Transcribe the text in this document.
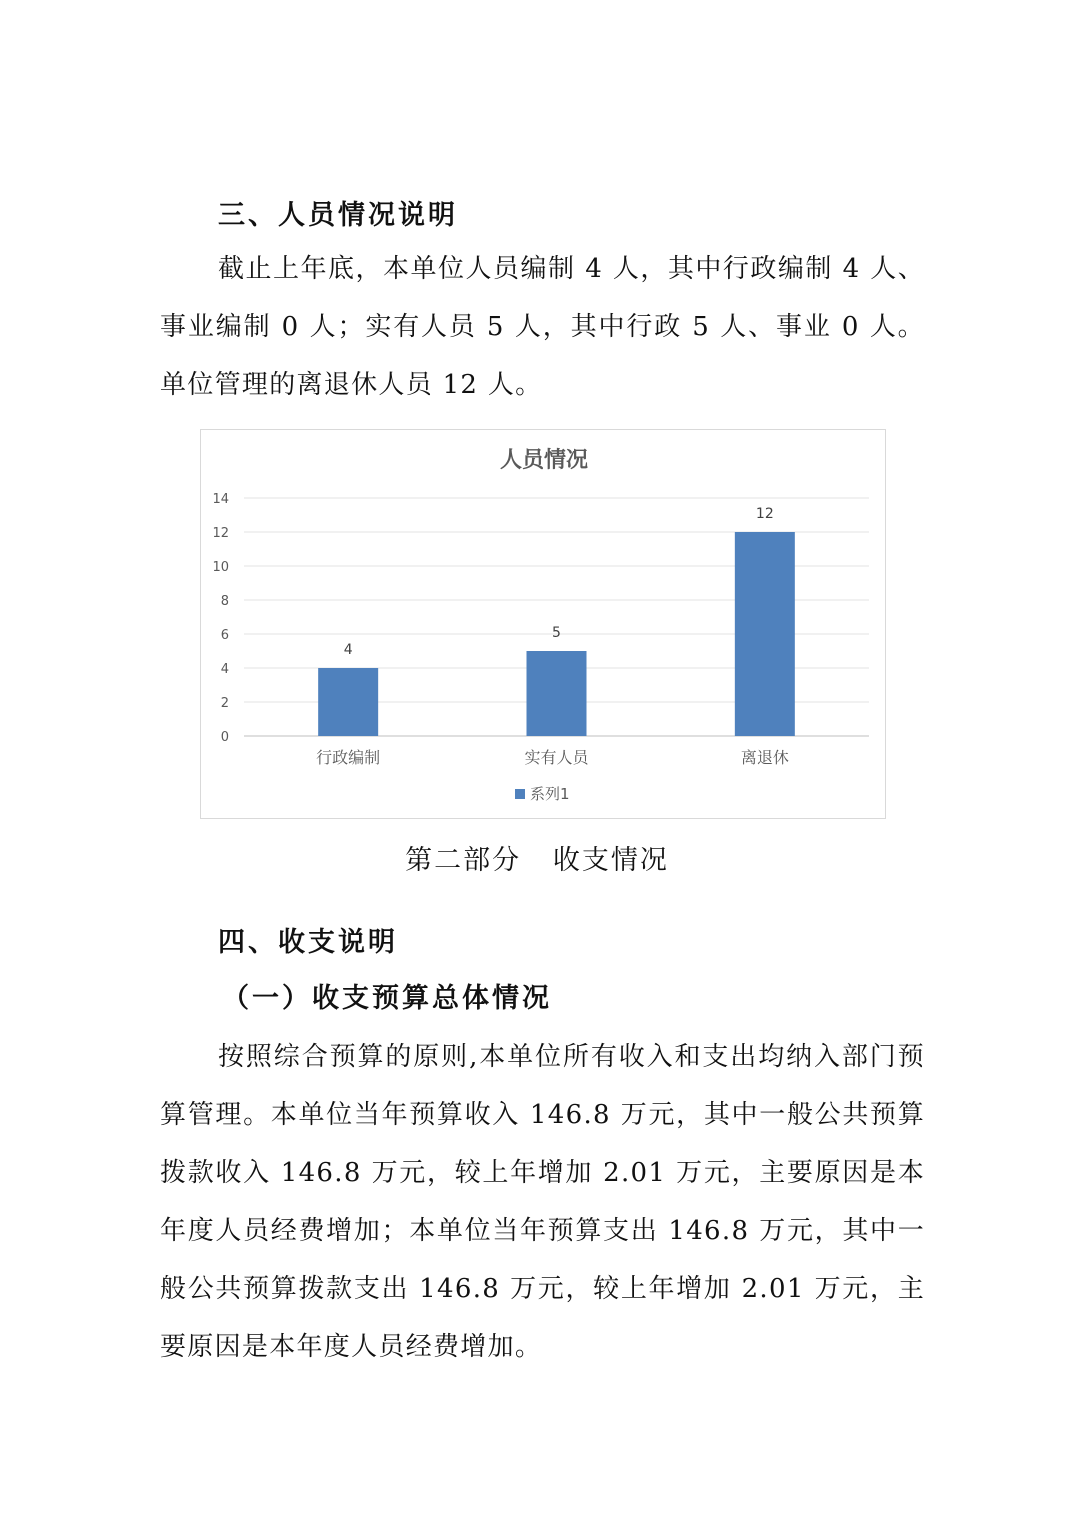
三、人员情况说明

截止上年底，本单位人员编制 4 人，其中行政编制 4 人、事业编制 0 人；实有人员 5 人，其中行政 5 人、事业 0 人。单位管理的离退休人员 12 人。

人员情况
0
2
4
6
8
10
12
14
4
行政编制
5
实有人员
12
离退休
系列1
第二部分   收支情况
四、收支说明
（一）收支预算总体情况

按照综合预算的原则,本单位所有收入和支出均纳入部门预算管理。本单位当年预算收入 146.8 万元，其中一般公共预算拨款收入 146.8 万元，较上年增加 2.01 万元，主要原因是本年度人员经费增加；本单位当年预算支出 146.8 万元，其中一般公共预算拨款支出 146.8 万元，较上年增加 2.01 万元，主要原因是本年度人员经费增加。
